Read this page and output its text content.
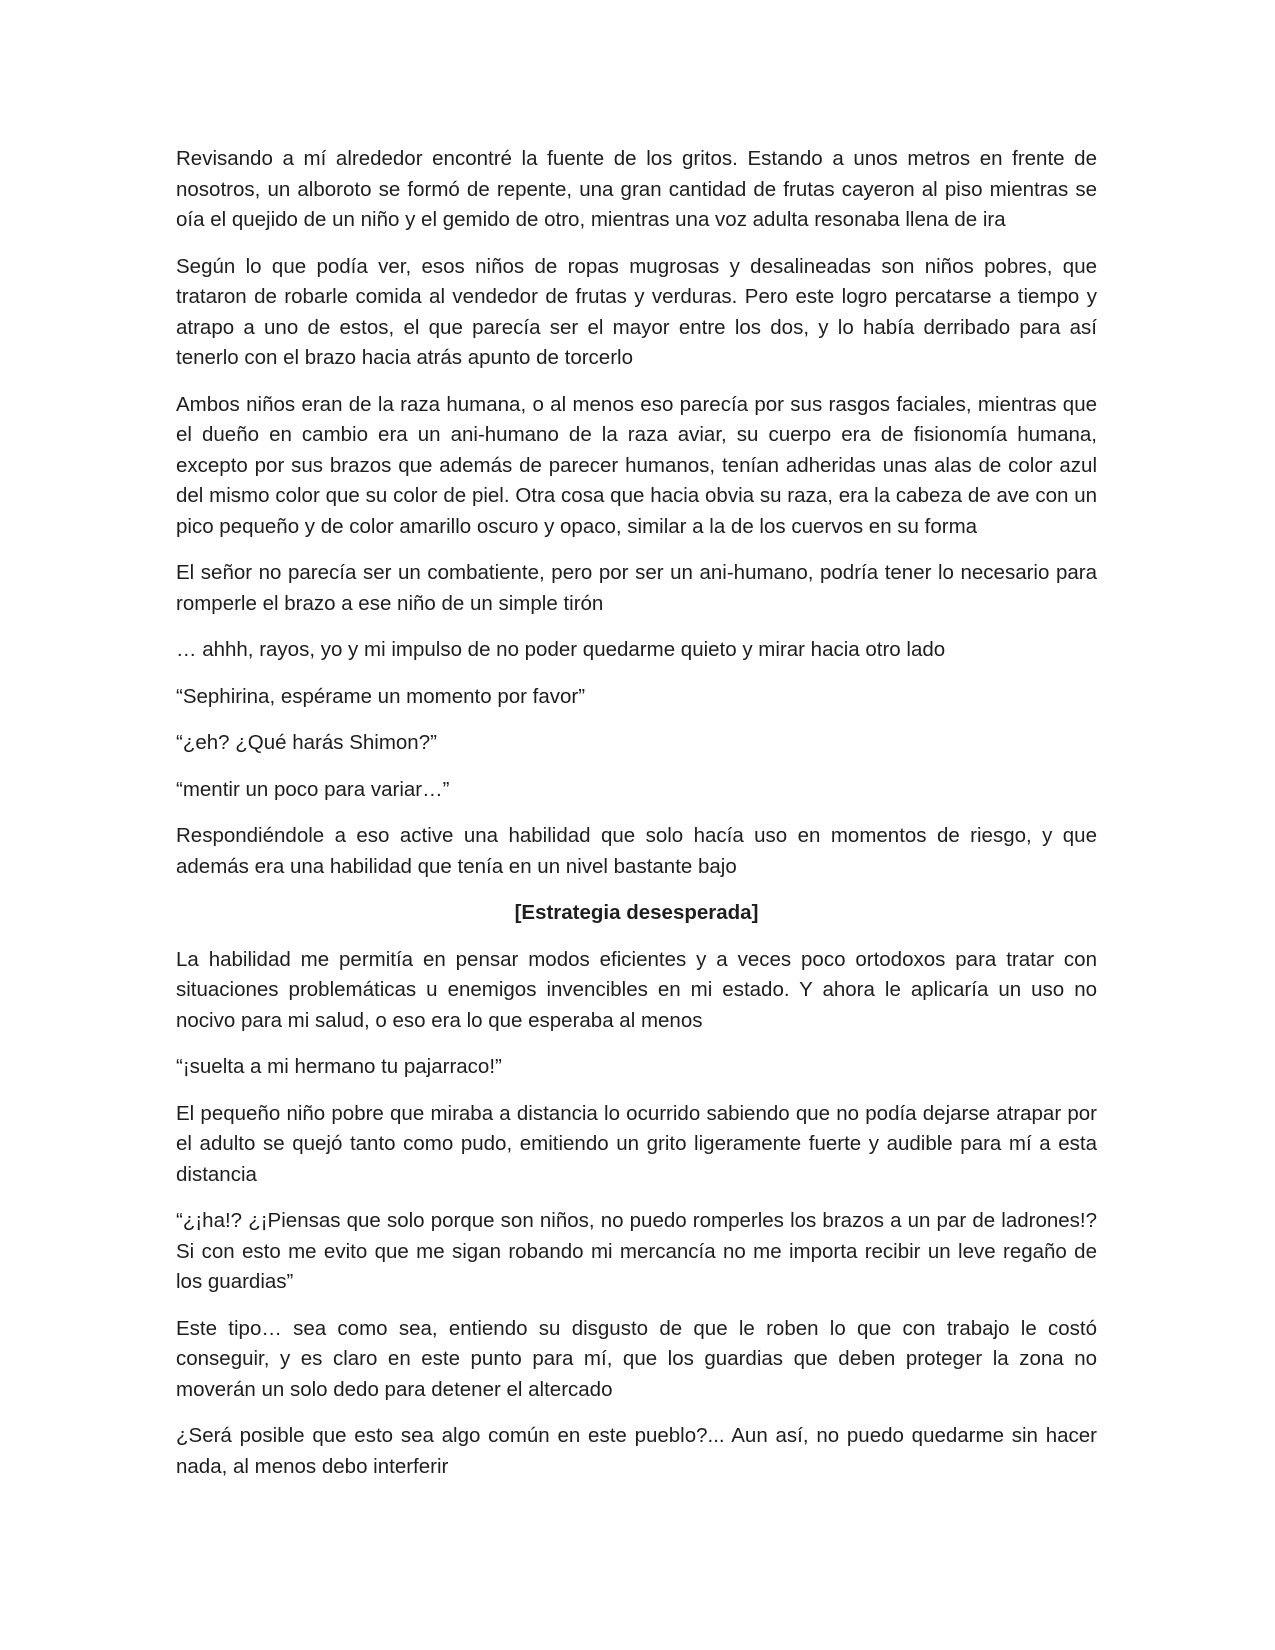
Revisando a mí alrededor encontré la fuente de los gritos. Estando a unos metros en frente de nosotros, un alboroto se formó de repente, una gran cantidad de frutas cayeron al piso mientras se oía el quejido de un niño y el gemido de otro, mientras una voz adulta resonaba llena de ira

Según lo que podía ver, esos niños de ropas mugrosas y desalineadas son niños pobres, que trataron de robarle comida al vendedor de frutas y verduras. Pero este logro percatarse a tiempo y atrapo a uno de estos, el que parecía ser el mayor entre los dos, y lo había derribado para así tenerlo con el brazo hacia atrás apunto de torcerlo

Ambos niños eran de la raza humana, o al menos eso parecía por sus rasgos faciales, mientras que el dueño en cambio era un ani-humano de la raza aviar, su cuerpo era de fisionomía humana, excepto por sus brazos que además de parecer humanos, tenían adheridas unas alas de color azul del mismo color que su color de piel. Otra cosa que hacia obvia su raza, era la cabeza de ave con un pico pequeño y de color amarillo oscuro y opaco, similar a la de los cuervos en su forma

El señor no parecía ser un combatiente, pero por ser un ani-humano, podría tener lo necesario para romperle el brazo a ese niño de un simple tirón

… ahhh, rayos, yo y mi impulso de no poder quedarme quieto y mirar hacia otro lado

“Sephirina, espérame un momento por favor”

“¿eh? ¿Qué harás Shimon?”

“mentir un poco para variar…”

Respondiéndole a eso active una habilidad que solo hacía uso en momentos de riesgo, y que además era una habilidad que tenía en un nivel bastante bajo

[Estrategia desesperada]

La habilidad me permitía en pensar modos eficientes y a veces poco ortodoxos para tratar con situaciones problemáticas u enemigos invencibles en mi estado. Y ahora le aplicaría un uso no nocivo para mi salud, o eso era lo que esperaba al menos

“¡suelta a mi hermano tu pajarraco!”

El pequeño niño pobre que miraba a distancia lo ocurrido sabiendo que no podía dejarse atrapar por el adulto se quejó tanto como pudo, emitiendo un grito ligeramente fuerte y audible para mí a esta distancia

“¿¡ha!? ¿¡Piensas que solo porque son niños, no puedo romperles los brazos a un par de ladrones!? Si con esto me evito que me sigan robando mi mercancía no me importa recibir un leve regaño de los guardias”

Este tipo… sea como sea, entiendo su disgusto de que le roben lo que con trabajo le costó conseguir, y es claro en este punto para mí, que los guardias que deben proteger la zona no moverán un solo dedo para detener el altercado

¿Será posible que esto sea algo común en este pueblo?... Aun así, no puedo quedarme sin hacer nada, al menos debo interferir
